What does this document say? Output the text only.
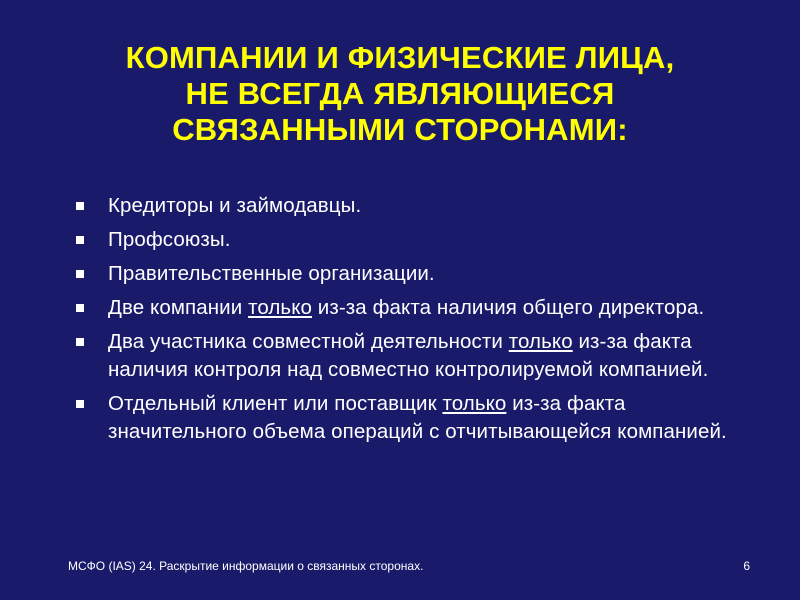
КОМПАНИИ И ФИЗИЧЕСКИЕ ЛИЦА,
НЕ ВСЕГДА ЯВЛЯЮЩИЕСЯ
СВЯЗАННЫМИ СТОРОНАМИ:
Кредиторы и займодавцы.
Профсоюзы.
Правительственные организации.
Две компании только из-за факта наличия общего директора.
Два участника совместной деятельности только из-за факта наличия контроля над совместно контролируемой компанией.
Отдельный клиент или поставщик только из-за факта значительного объема операций с отчитывающейся компанией.
МСФО (IAS) 24. Раскрытие информации о связанных сторонах.	6
